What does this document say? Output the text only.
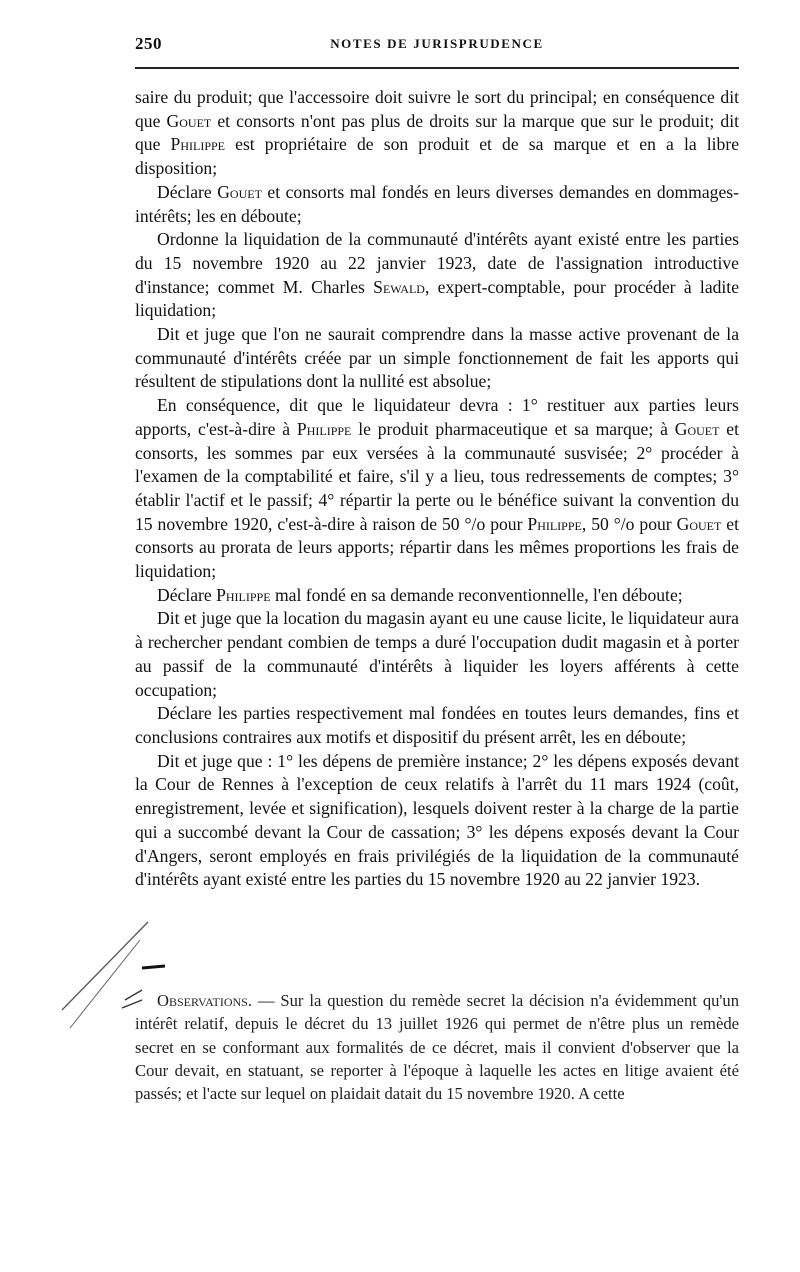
250	NOTES DE JURISPRUDENCE

saire du produit; que l'accessoire doit suivre le sort du principal; en conséquence dit que Gouet et consorts n'ont pas plus de droits sur la marque que sur le produit; dit que Philippe est propriétaire de son produit et de sa marque et en a la libre disposition;

Déclare Gouet et consorts mal fondés en leurs diverses demandes en dommages-intérêts; les en déboute;

Ordonne la liquidation de la communauté d'intérêts ayant existé entre les parties du 15 novembre 1920 au 22 janvier 1923, date de l'assignation introductive d'instance; commet M. Charles Sewald, expert-comptable, pour procéder à ladite liquidation;

Dit et juge que l'on ne saurait comprendre dans la masse active provenant de la communauté d'intérêts créée par un simple fonctionnement de fait les apports qui résultent de stipulations dont la nullité est absolue;

En conséquence, dit que le liquidateur devra : 1° restituer aux parties leurs apports, c'est-à-dire à Philippe le produit pharmaceutique et sa marque; à Gouet et consorts, les sommes par eux versées à la communauté susvisée; 2° procéder à l'examen de la comptabilité et faire, s'il y a lieu, tous redressements de comptes; 3° établir l'actif et le passif; 4° répartir la perte ou le bénéfice suivant la convention du 15 novembre 1920, c'est-à-dire à raison de 50 °/o pour Philippe, 50 °/o pour Gouet et consorts au prorata de leurs apports; répartir dans les mêmes proportions les frais de liquidation;

Déclare Philippe mal fondé en sa demande reconventionnelle, l'en déboute;

Dit et juge que la location du magasin ayant eu une cause licite, le liquidateur aura à rechercher pendant combien de temps a duré l'occupation dudit magasin et à porter au passif de la communauté d'intérêts à liquider les loyers afférents à cette occupation;

Déclare les parties respectivement mal fondées en toutes leurs demandes, fins et conclusions contraires aux motifs et dispositif du présent arrêt, les en déboute;

Dit et juge que : 1° les dépens de première instance; 2° les dépens exposés devant la Cour de Rennes à l'exception de ceux relatifs à l'arrêt du 11 mars 1924 (coût, enregistrement, levée et signification), lesquels doivent rester à la charge de la partie qui a succombé devant la Cour de cassation; 3° les dépens exposés devant la Cour d'Angers, seront employés en frais privilégiés de la liquidation de la communauté d'intérêts ayant existé entre les parties du 15 novembre 1920 au 22 janvier 1923.

Observations. — Sur la question du remède secret la décision n'a évidemment qu'un intérêt relatif, depuis le décret du 13 juillet 1926 qui permet de n'être plus un remède secret en se conformant aux formalités de ce décret, mais il convient d'observer que la Cour devait, en statuant, se reporter à l'époque à laquelle les actes en litige avaient été passés; et l'acte sur lequel on plaidait datait du 15 novembre 1920. A cette
